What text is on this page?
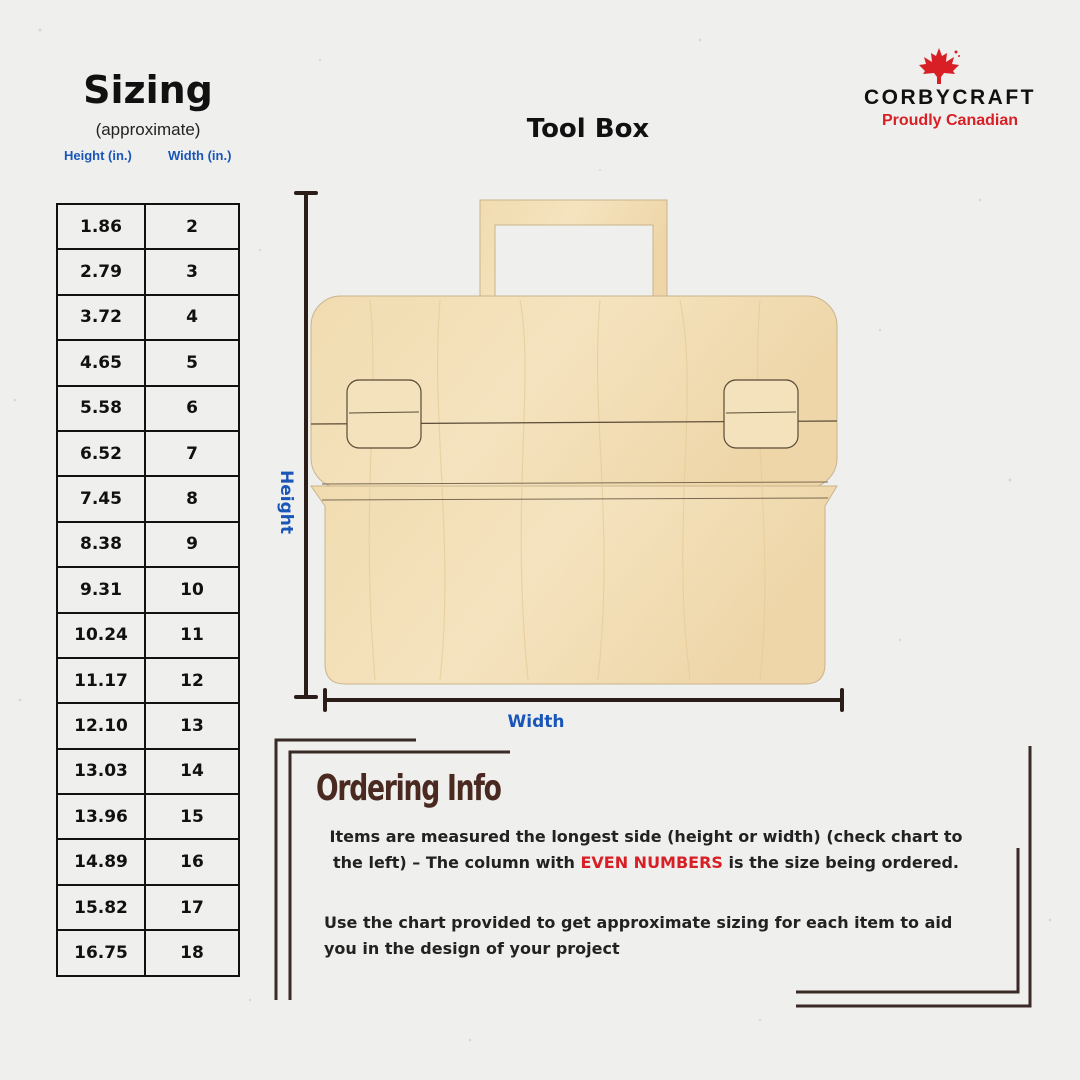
Sizing
(approximate)
Height (in.)	Width (in.)
1.86	2
2.79	3
3.72	4
4.65	5
5.58	6
6.52	7
7.45	8
8.38	9
9.31	10
10.24	11
11.17	12
12.10	13
13.03	14
13.96	15
14.89	16
15.82	17
16.75	18
Tool Box
CORBYCRAFT
Proudly Canadian
Height
Width
Ordering Info
Items are measured the longest side (height or width) (check chart to the left) – The column with EVEN NUMBERS is the size being ordered.
Use the chart provided to get approximate sizing for each item to aid you in the design of your project
